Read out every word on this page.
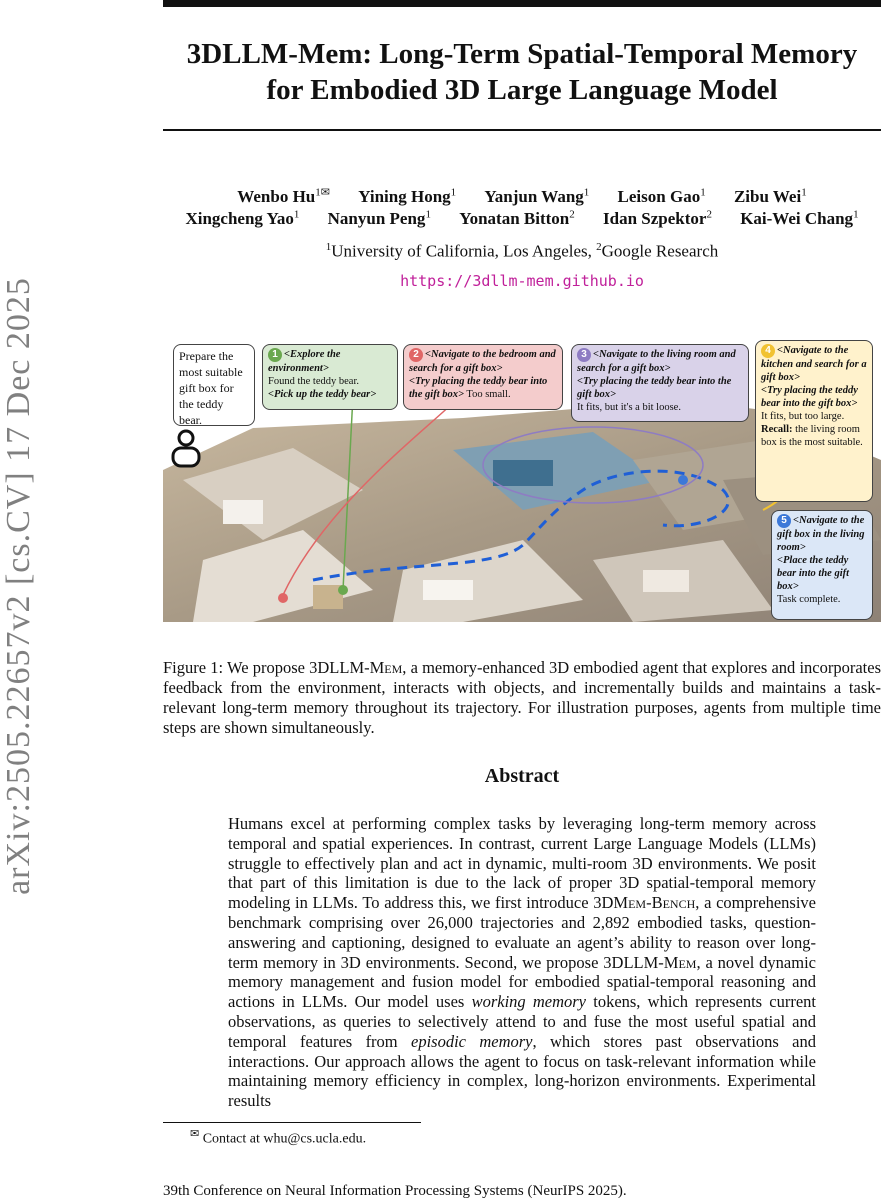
arXiv:2505.22657v2 [cs.CV] 17 Dec 2025
3DLLM-Mem: Long-Term Spatial-Temporal Memory
for Embodied 3D Large Language Model
Wenbo $Hu^{1✉}$ Yining Hong$^1$ Yanjun Wang$^1$ Leison Gao$^1$ Zibu Wei$^1$
Xingcheng Yao$^1$ Nanyun Peng$^1$ Yonatan Bitton$^2$ Idan Szpektor$^2$ Kai-Wei Chang$^1$
$^1$University of California, Los Angeles, $^2$Google Research
https://3dllm-mem.github.io
Prepare the most suitable gift box for the teddy bear.
1 <Explore the environment>
Found the teddy bear.
<Pick up the teddy bear>
2 <Navigate to the bedroom and search for a gift box>
<Try placing the teddy bear into the gift box> Too small.
3 <Navigate to the living room and search for a gift box>
<Try placing the teddy bear into the gift box>
It fits, but it's a bit loose.
4 <Navigate to the kitchen and search for a gift box>
<Try placing the teddy bear into the gift box>
It fits, but too large.
Recall: the living room box is the most suitable.
5 <Navigate to the gift box in the living room>
<Place the teddy bear into the gift box>
Task complete.
Figure 1: We propose 3DLLM-Mem, a memory-enhanced 3D embodied agent that explores and incorporates feedback from the environment, interacts with objects, and incrementally builds and maintains a task-relevant long-term memory throughout its trajectory. For illustration purposes, agents from multiple time steps are shown simultaneously.
Abstract
Humans excel at performing complex tasks by leveraging long-term memory across temporal and spatial experiences. In contrast, current Large Language Models (LLMs) struggle to effectively plan and act in dynamic, multi-room 3D environments. We posit that part of this limitation is due to the lack of proper 3D spatial-temporal memory modeling in LLMs. To address this, we first introduce 3DMem-Bench, a comprehensive benchmark comprising over 26,000 trajectories and 2,892 embodied tasks, question-answering and captioning, designed to evaluate an agent’s ability to reason over long-term memory in 3D environments. Second, we propose 3DLLM-Mem, a novel dynamic memory management and fusion model for embodied spatial-temporal reasoning and actions in LLMs. Our model uses working memory tokens, which represents current observations, as queries to selectively attend to and fuse the most useful spatial and temporal features from episodic memory, which stores past observations and interactions. Our approach allows the agent to focus on task-relevant information while maintaining memory efficiency in complex, long-horizon environments. Experimental results
✉ Contact at whu@cs.ucla.edu.
39th Conference on Neural Information Processing Systems (NeurIPS 2025).
